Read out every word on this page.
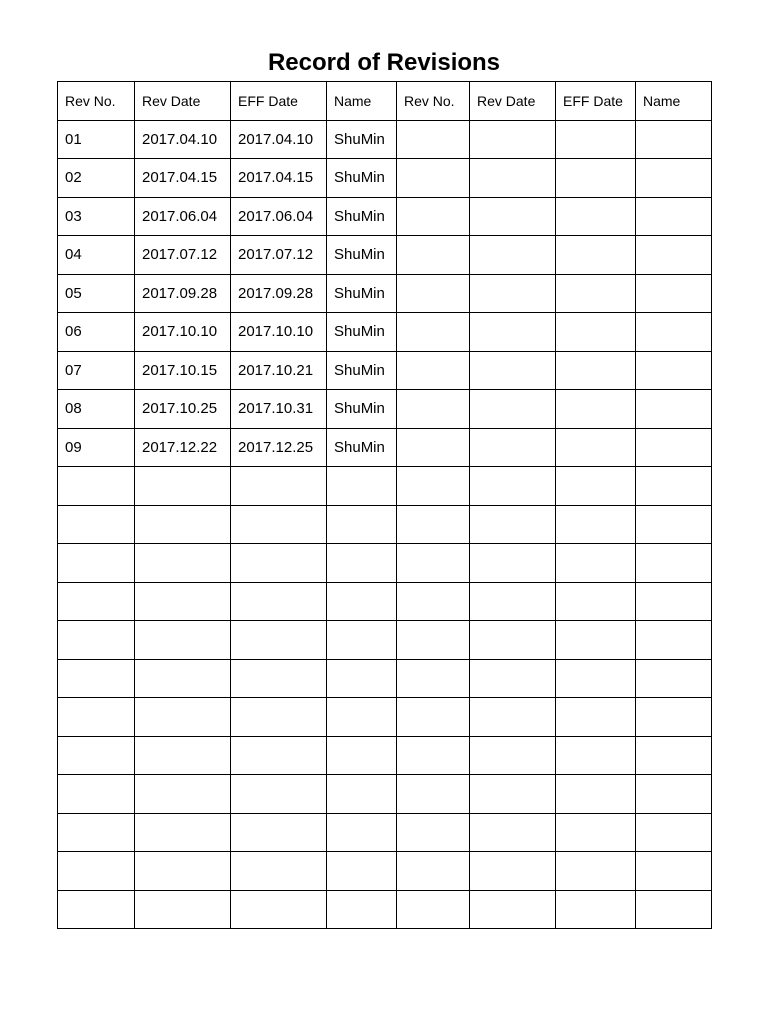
Record of Revisions
Rev No.	Rev Date	EFF Date	Name	Rev No.	Rev Date	EFF Date	Name
01	2017.04.10	2017.04.10	ShuMin				
02	2017.04.15	2017.04.15	ShuMin				
03	2017.06.04	2017.06.04	ShuMin				
04	2017.07.12	2017.07.12	ShuMin				
05	2017.09.28	2017.09.28	ShuMin				
06	2017.10.10	2017.10.10	ShuMin				
07	2017.10.15	2017.10.21	ShuMin				
08	2017.10.25	2017.10.31	ShuMin				
09	2017.12.22	2017.12.25	ShuMin				
